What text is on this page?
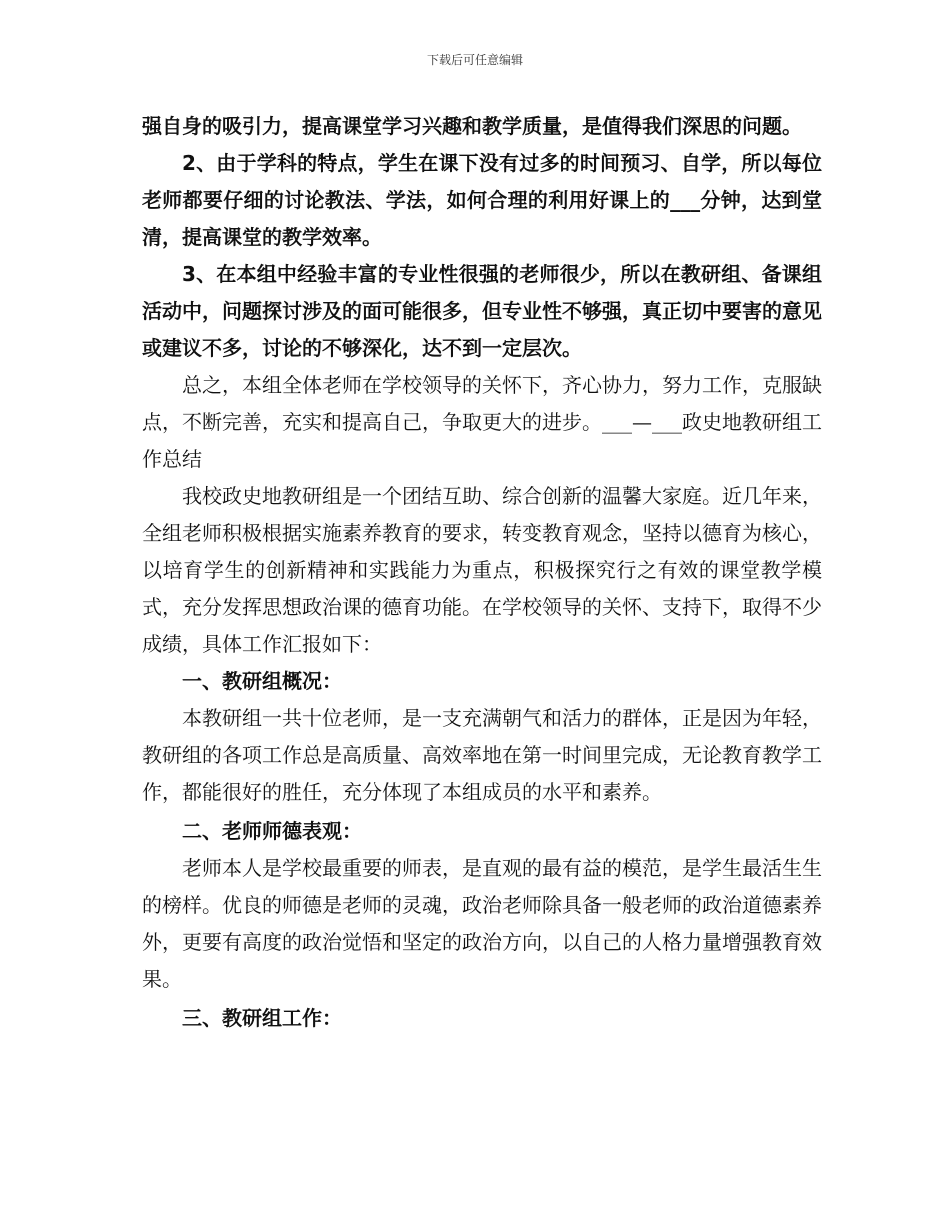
下载后可任意编辑

强自身的吸引力，提高课堂学习兴趣和教学质量，是值得我们深思的问题。

2、由于学科的特点，学生在课下没有过多的时间预习、自学，所以每位老师都要仔细的讨论教法、学法，如何合理的利用好课上的___分钟，达到堂清，提高课堂的教学效率。

3、在本组中经验丰富的专业性很强的老师很少，所以在教研组、备课组活动中，问题探讨涉及的面可能很多，但专业性不够强，真正切中要害的意见或建议不多，讨论的不够深化，达不到一定层次。

总之，本组全体老师在学校领导的关怀下，齐心协力，努力工作，克服缺点，不断完善，充实和提高自己，争取更大的进步。___—___政史地教研组工作总结

我校政史地教研组是一个团结互助、综合创新的温馨大家庭。近几年来，全组老师积极根据实施素养教育的要求，转变教育观念，坚持以德育为核心，以培育学生的创新精神和实践能力为重点，积极探究行之有效的课堂教学模式，充分发挥思想政治课的德育功能。在学校领导的关怀、支持下，取得不少成绩，具体工作汇报如下：

一、教研组概况：

本教研组一共十位老师，是一支充满朝气和活力的群体，正是因为年轻，教研组的各项工作总是高质量、高效率地在第一时间里完成，无论教育教学工作，都能很好的胜任，充分体现了本组成员的水平和素养。

二、老师师德表观：

老师本人是学校最重要的师表，是直观的最有益的模范，是学生最活生生的榜样。优良的师德是老师的灵魂，政治老师除具备一般老师的政治道德素养外，更要有高度的政治觉悟和坚定的政治方向，以自己的人格力量增强教育效果。

三、教研组工作：
